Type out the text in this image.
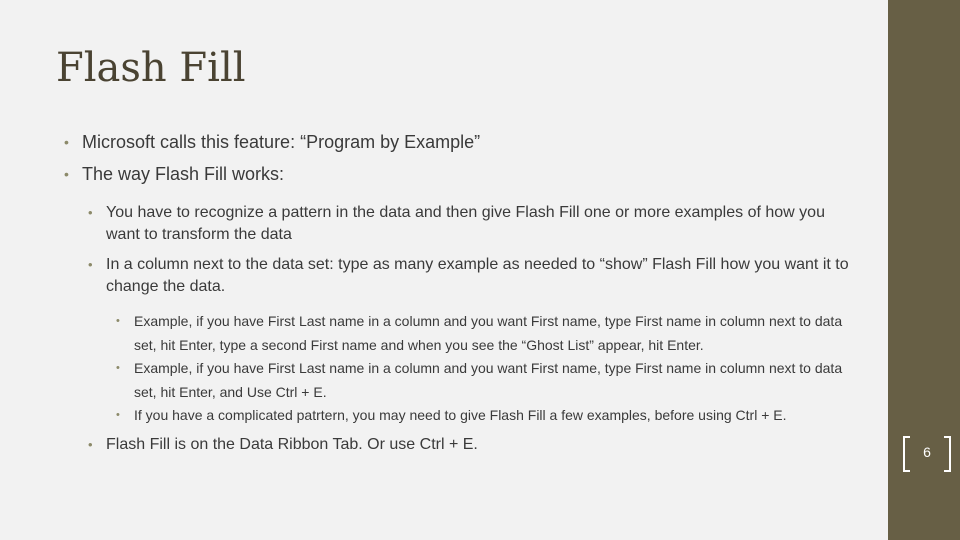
Flash Fill
• Microsoft calls this feature: “Program by Example”
• The way Flash Fill works:
• You have to recognize a pattern in the data and then give Flash Fill one or more examples of how you want to transform the data
• In a column next to the data set: type as many example as needed to “show” Flash Fill how you want it to change the data.
• Example, if you have First Last name in a column and you want First name, type First name in column next to data set, hit Enter, type a second First name and when you see the “Ghost List” appear, hit Enter.
• Example, if you have First Last name in a column and you want First name, type First name in column next to data set, hit Enter, and Use Ctrl + E.
• If you have a complicated patrtern, you may need to give Flash Fill a few examples, before using Ctrl + E.
• Flash Fill is on the Data Ribbon Tab. Or use Ctrl + E.	6
